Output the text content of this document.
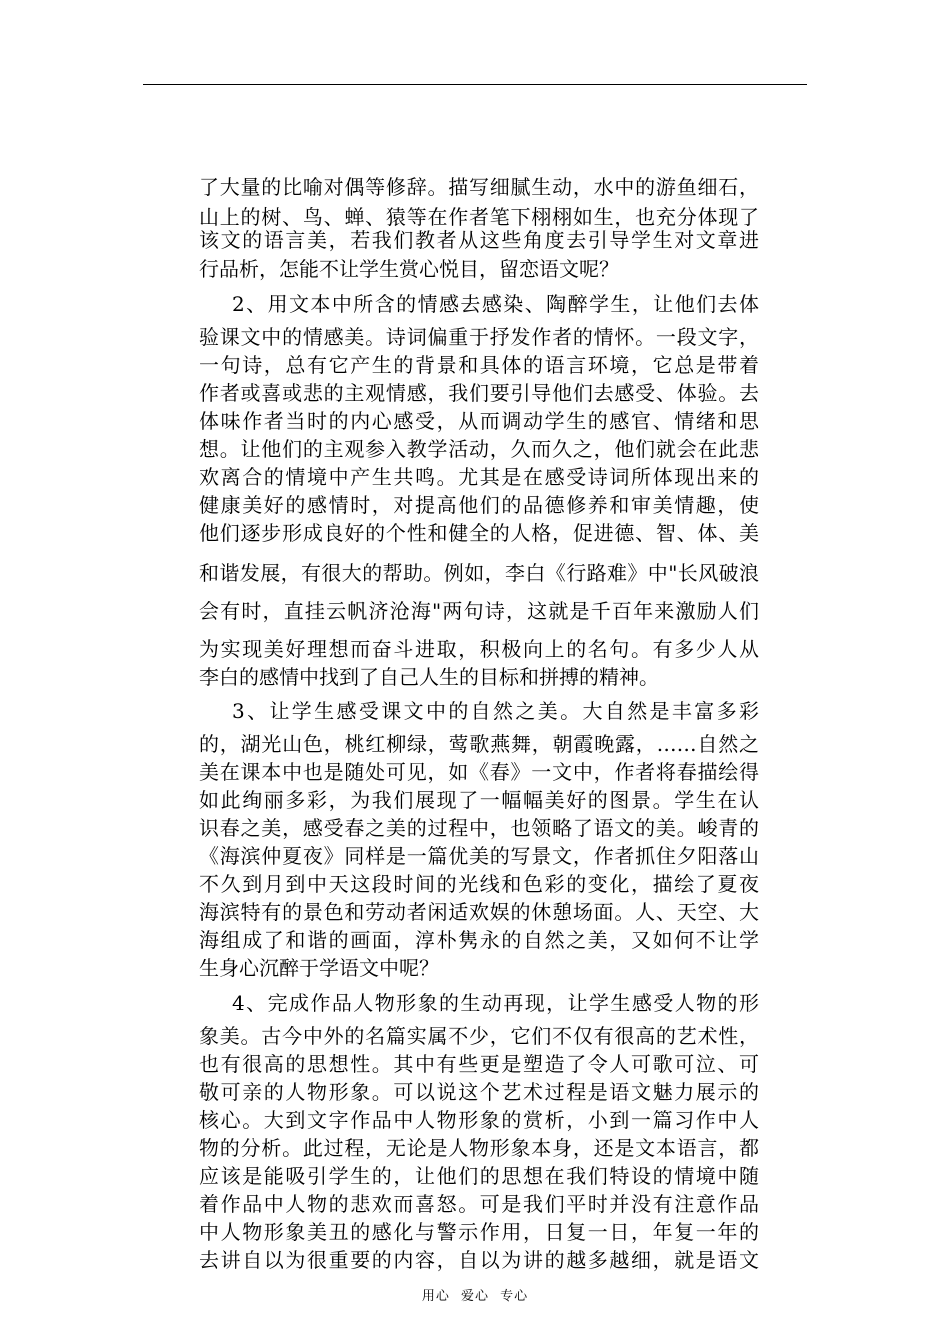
了大量的比喻对偶等修辞。描写细腻生动，水中的游鱼细石，
山上的树、鸟、蝉、猿等在作者笔下栩栩如生，也充分体现了
该文的语言美，若我们教者从这些角度去引导学生对文章进
行品析，怎能不让学生赏心悦目，留恋语文呢？
2、用文本中所含的情感去感染、陶醉学生，让他们去体
验课文中的情感美。诗词偏重于抒发作者的情怀。一段文字，
一句诗，总有它产生的背景和具体的语言环境，它总是带着
作者或喜或悲的主观情感，我们要引导他们去感受、体验。去
体味作者当时的内心感受，从而调动学生的感官、情绪和思
想。让他们的主观参入教学活动，久而久之，他们就会在此悲
欢离合的情境中产生共鸣。尤其是在感受诗词所体现出来的
健康美好的感情时，对提高他们的品德修养和审美情趣，使
他们逐步形成良好的个性和健全的人格，促进德、智、体、美
和谐发展，有很大的帮助。例如，李白《行路难》中"长风破浪
会有时，直挂云帆济沧海"两句诗，这就是千百年来激励人们
为实现美好理想而奋斗进取，积极向上的名句。有多少人从
李白的感情中找到了自己人生的目标和拼搏的精神。
3、让学生感受课文中的自然之美。大自然是丰富多彩
的，湖光山色，桃红柳绿，莺歌燕舞，朝霞晚露，……自然之
美在课本中也是随处可见，如《春》一文中，作者将春描绘得
如此绚丽多彩，为我们展现了一幅幅美好的图景。学生在认
识春之美，感受春之美的过程中，也领略了语文的美。峻青的
《海滨仲夏夜》同样是一篇优美的写景文，作者抓住夕阳落山
不久到月到中天这段时间的光线和色彩的变化，描绘了夏夜
海滨特有的景色和劳动者闲适欢娱的休憩场面。人、天空、大
海组成了和谐的画面，淳朴隽永的自然之美，又如何不让学
生身心沉醉于学语文中呢？
4、完成作品人物形象的生动再现，让学生感受人物的形
象美。古今中外的名篇实属不少，它们不仅有很高的艺术性，
也有很高的思想性。其中有些更是塑造了令人可歌可泣、可
敬可亲的人物形象。可以说这个艺术过程是语文魅力展示的
核心。大到文字作品中人物形象的赏析，小到一篇习作中人
物的分析。此过程，无论是人物形象本身，还是文本语言，都
应该是能吸引学生的，让他们的思想在我们特设的情境中随
着作品中人物的悲欢而喜怒。可是我们平时并没有注意作品
中人物形象美丑的感化与警示作用，日复一日，年复一年的
去讲自以为很重要的内容，自以为讲的越多越细，就是语文
用心 爱心 专心
